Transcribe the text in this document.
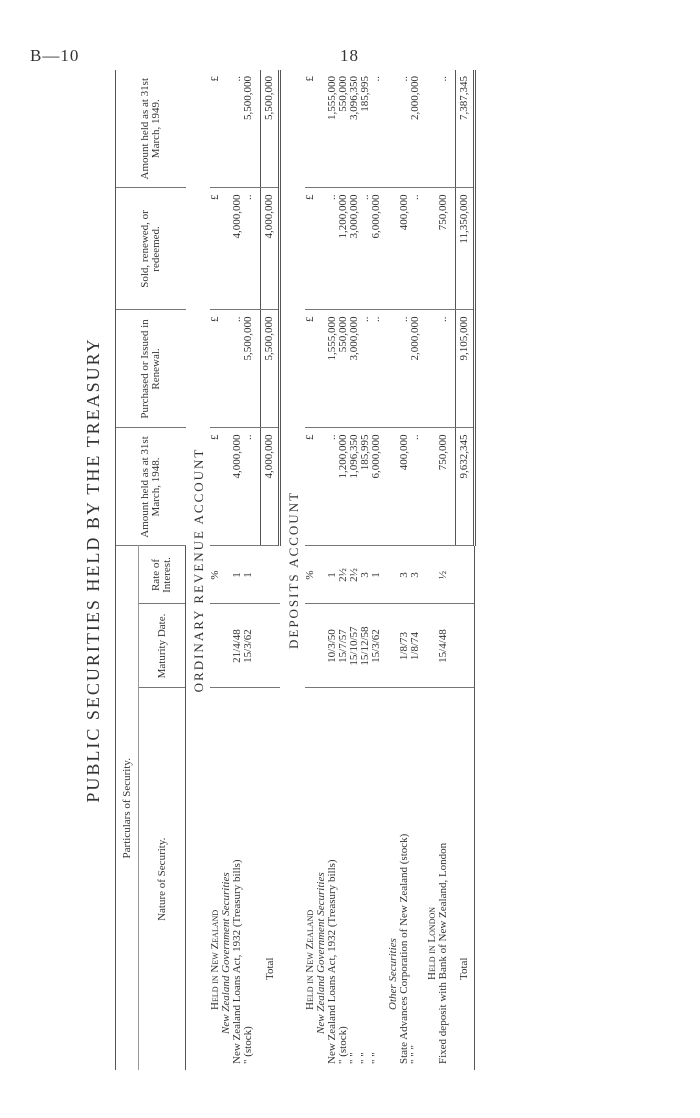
B—10	18
PUBLIC SECURITIES HELD BY THE TREASURY
Particulars of Security.			Amount held as at 31st March, 1948.	Purchased or Issued in Renewal.	Sold, renewed, or redeemed.	Amount held as at 31st March, 1949.
Nature of Security.	Maturity Date.	Rate of Interest.				
ORDINARY REVENUE ACCOUNT						
Held in New Zealand		%	£	£	£	£
New Zealand Government Securities						
New Zealand Loans Act, 1932 (Treasury bills)	21/4/48	1	4,000,000	..	4,000,000	..
" (stock)	15/3/62	1	..	5,500,000	..	5,500,000

Total			4,000,000	5,500,000	4,000,000	5,500,000
DEPOSITS ACCOUNT						
Held in New Zealand		%	£	£	£	£
New Zealand Government Securities						
New Zealand Loans Act, 1932 (Treasury bills)	10/3/50	1	..	1,555,000	..	1,555,000
" (stock)	15/7/57	2½	1,200,000	550,000	1,200,000	550,000
" "	15/10/57	2½	1,096,350	3,000,000	3,000,000	3,096,350
" "	15/12/58	3	185,995	..	..	185,995
" "	15/3/62	1	6,000,000	..	6,000,000	..

Other Securities						
State Advances Corporation of New Zealand (stock)	1/8/73	3	400,000	..	400,000	..
" " "	1/8/74	3	..	2,000,000	..	2,000,000

Held in London						
Fixed deposit with Bank of New Zealand, London	15/4/48	½	750,000	..	750,000	..

Total			9,632,345	9,105,000	11,350,000	7,387,345
